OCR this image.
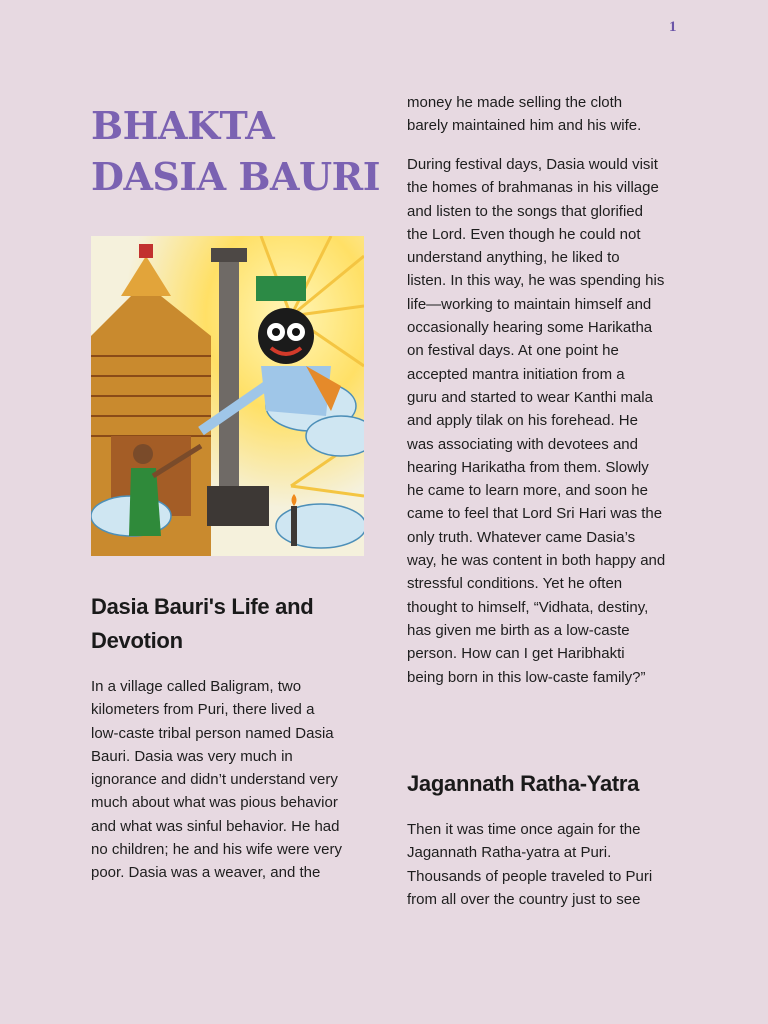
1
BHAKTA
DASIA BAURI
Dasia Bauri's Life and
Devotion

In a village called Baligram, two
kilometers from Puri, there lived a
low-caste tribal person named Dasia
Bauri. Dasia was very much in
ignorance and didn’t understand very
much about what was pious behavior
and what was sinful behavior. He had
no children; he and his wife were very
poor. Dasia was a weaver, and the

money he made selling the cloth
barely maintained him and his wife.

During festival days, Dasia would visit
the homes of brahmanas in his village
and listen to the songs that glorified
the Lord. Even though he could not
understand anything, he liked to
listen. In this way, he was spending his
life—working to maintain himself and
occasionally hearing some Harikatha
on festival days. At one point he
accepted mantra initiation from a
guru and started to wear Kanthi mala
and apply tilak on his forehead. He
was associating with devotees and
hearing Harikatha from them. Slowly
he came to learn more, and soon he
came to feel that Lord Sri Hari was the
only truth. Whatever came Dasia’s
way, he was content in both happy and
stressful conditions. Yet he often
thought to himself, “Vidhata, destiny,
has given me birth as a low-caste
person. How can I get Haribhakti
being born in this low-caste family?”

Jagannath Ratha-Yatra

Then it was time once again for the
Jagannath Ratha-yatra at Puri.
Thousands of people traveled to Puri
from all over the country just to see
